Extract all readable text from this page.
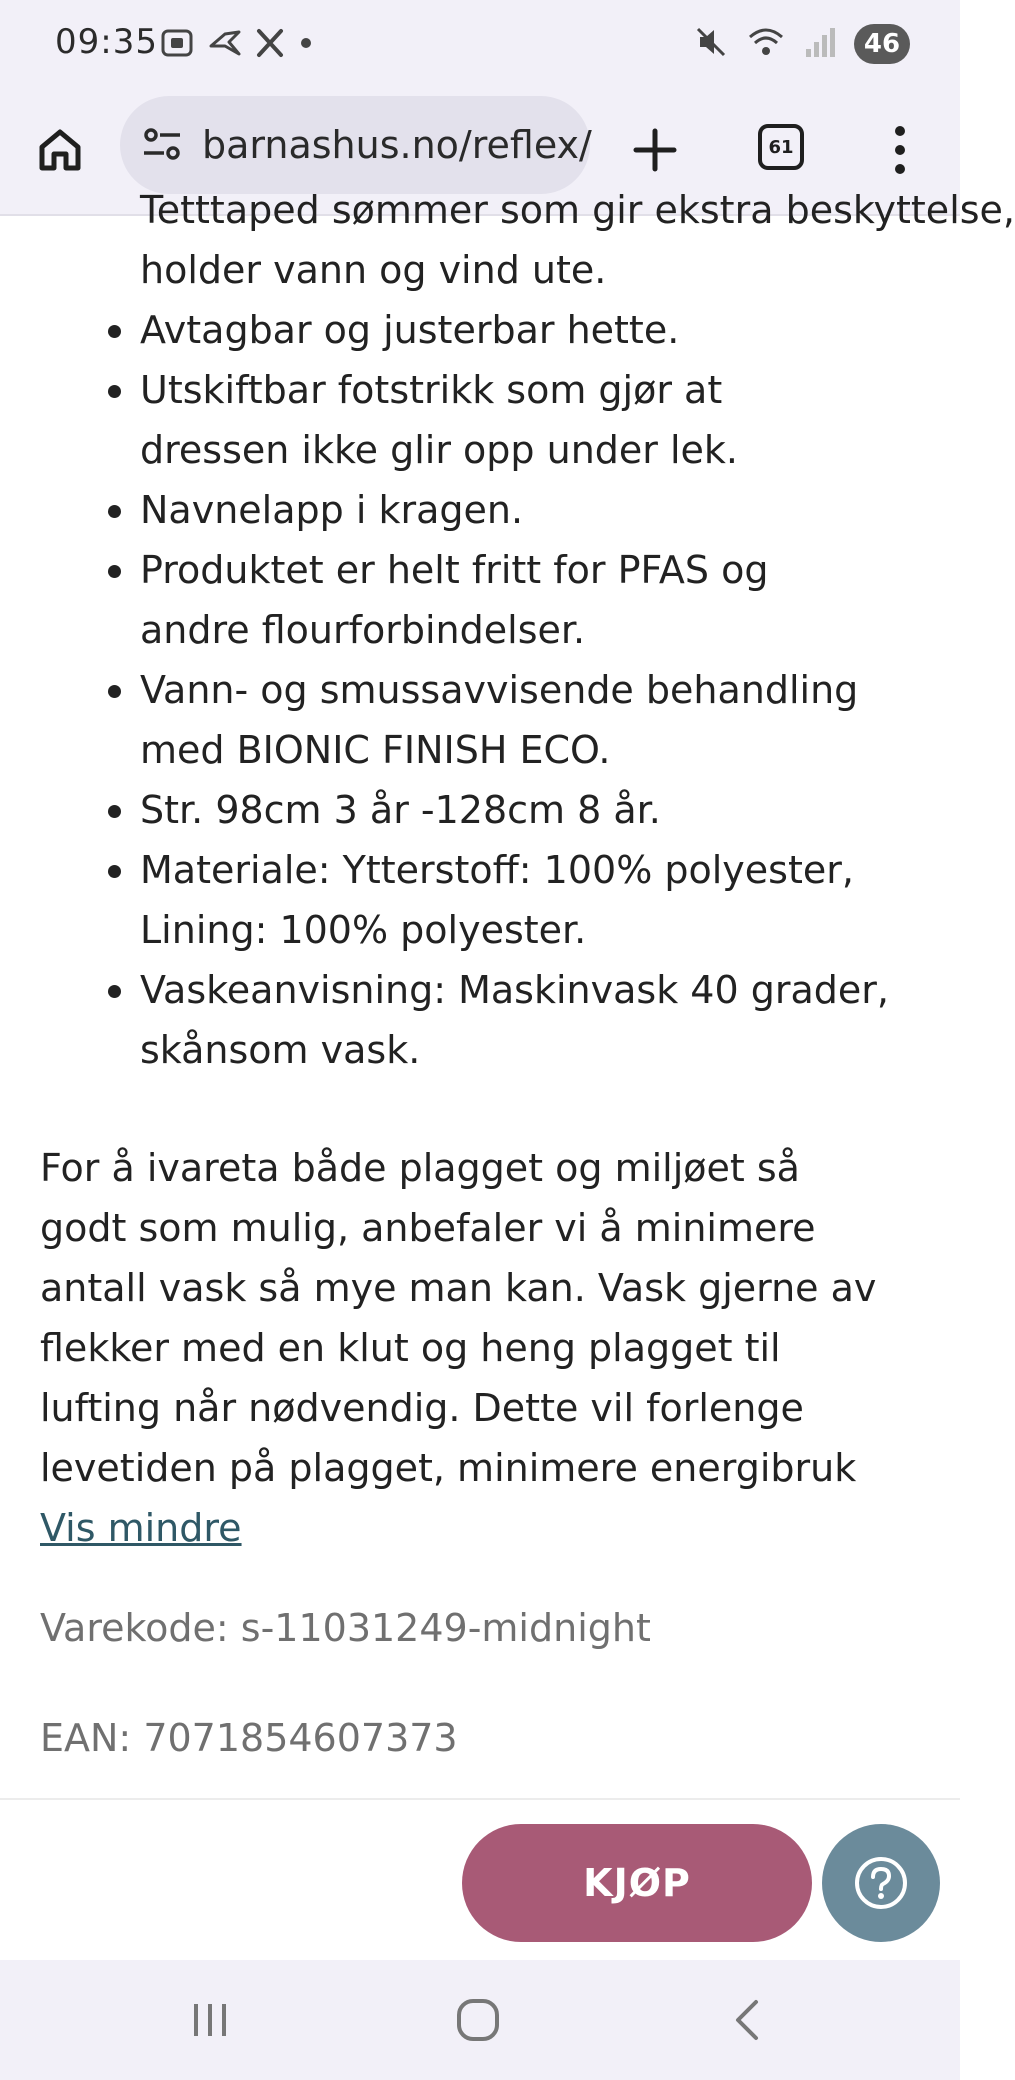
09:35	46
barnashus.no/reflex/	61
Tetttaped sømmer som gir ekstra beskyttelse,
holder vann og vind ute.
Avtagbar og justerbar hette.
Utskiftbar fotstrikk som gjør at
dressen ikke glir opp under lek.
Navnelapp i kragen.
Produktet er helt fritt for PFAS og
andre flourforbindelser.
Vann- og smussavvisende behandling
med BIONIC FINISH ECO.
Str. 98cm 3 år -128cm 8 år.
Materiale: Ytterstoff: 100% polyester,
Lining: 100% polyester.
Vaskeanvisning: Maskinvask 40 grader,
skånsom vask.
For å ivareta både plagget og miljøet så
godt som mulig, anbefaler vi å minimere
antall vask så mye man kan. Vask gjerne av
flekker med en klut og heng plagget til
lufting når nødvendig. Dette vil forlenge
levetiden på plagget, minimere energibruk
Vis mindre
Varekode: s-11031249-midnight
EAN: 7071854607373
KJØP
